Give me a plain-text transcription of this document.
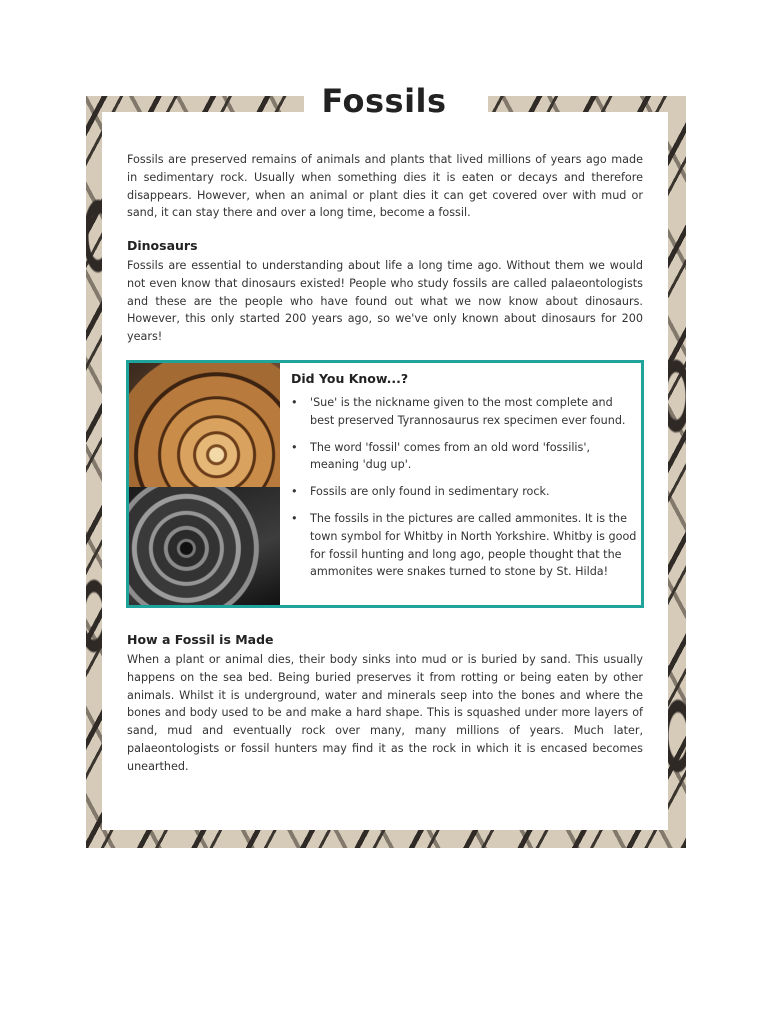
Fossils

Fossils are preserved remains of animals and plants that lived millions of years ago made in sedimentary rock. Usually when something dies it is eaten or decays and therefore disappears. However, when an animal or plant dies it can get covered over with mud or sand, it can stay there and over a long time, become a fossil.

Dinosaurs

Fossils are essential to understanding about life a long time ago. Without them we would not even know that dinosaurs existed! People who study fossils are called palaeontologists and these are the people who have found out what we now know about dinosaurs. However, this only started 200 years ago, so we've only known about dinosaurs for 200 years!

Did You Know...?
• 'Sue' is the nickname given to the most complete and best preserved Tyrannosaurus rex specimen ever found.
• The word 'fossil' comes from an old word 'fossilis', meaning 'dug up'.
• Fossils are only found in sedimentary rock.
• The fossils in the pictures are called ammonites. It is the town symbol for Whitby in North Yorkshire. Whitby is good for fossil hunting and long ago, people thought that the ammonites were snakes turned to stone by St. Hilda!
How a Fossil is Made

When a plant or animal dies, their body sinks into mud or is buried by sand. This usually happens on the sea bed. Being buried preserves it from rotting or being eaten by other animals. Whilst it is underground, water and minerals seep into the bones and where the bones and body used to be and make a hard shape. This is squashed under more layers of sand, mud and eventually rock over many, many millions of years. Much later, palaeontologists or fossil hunters may find it as the rock in which it is encased becomes unearthed.
